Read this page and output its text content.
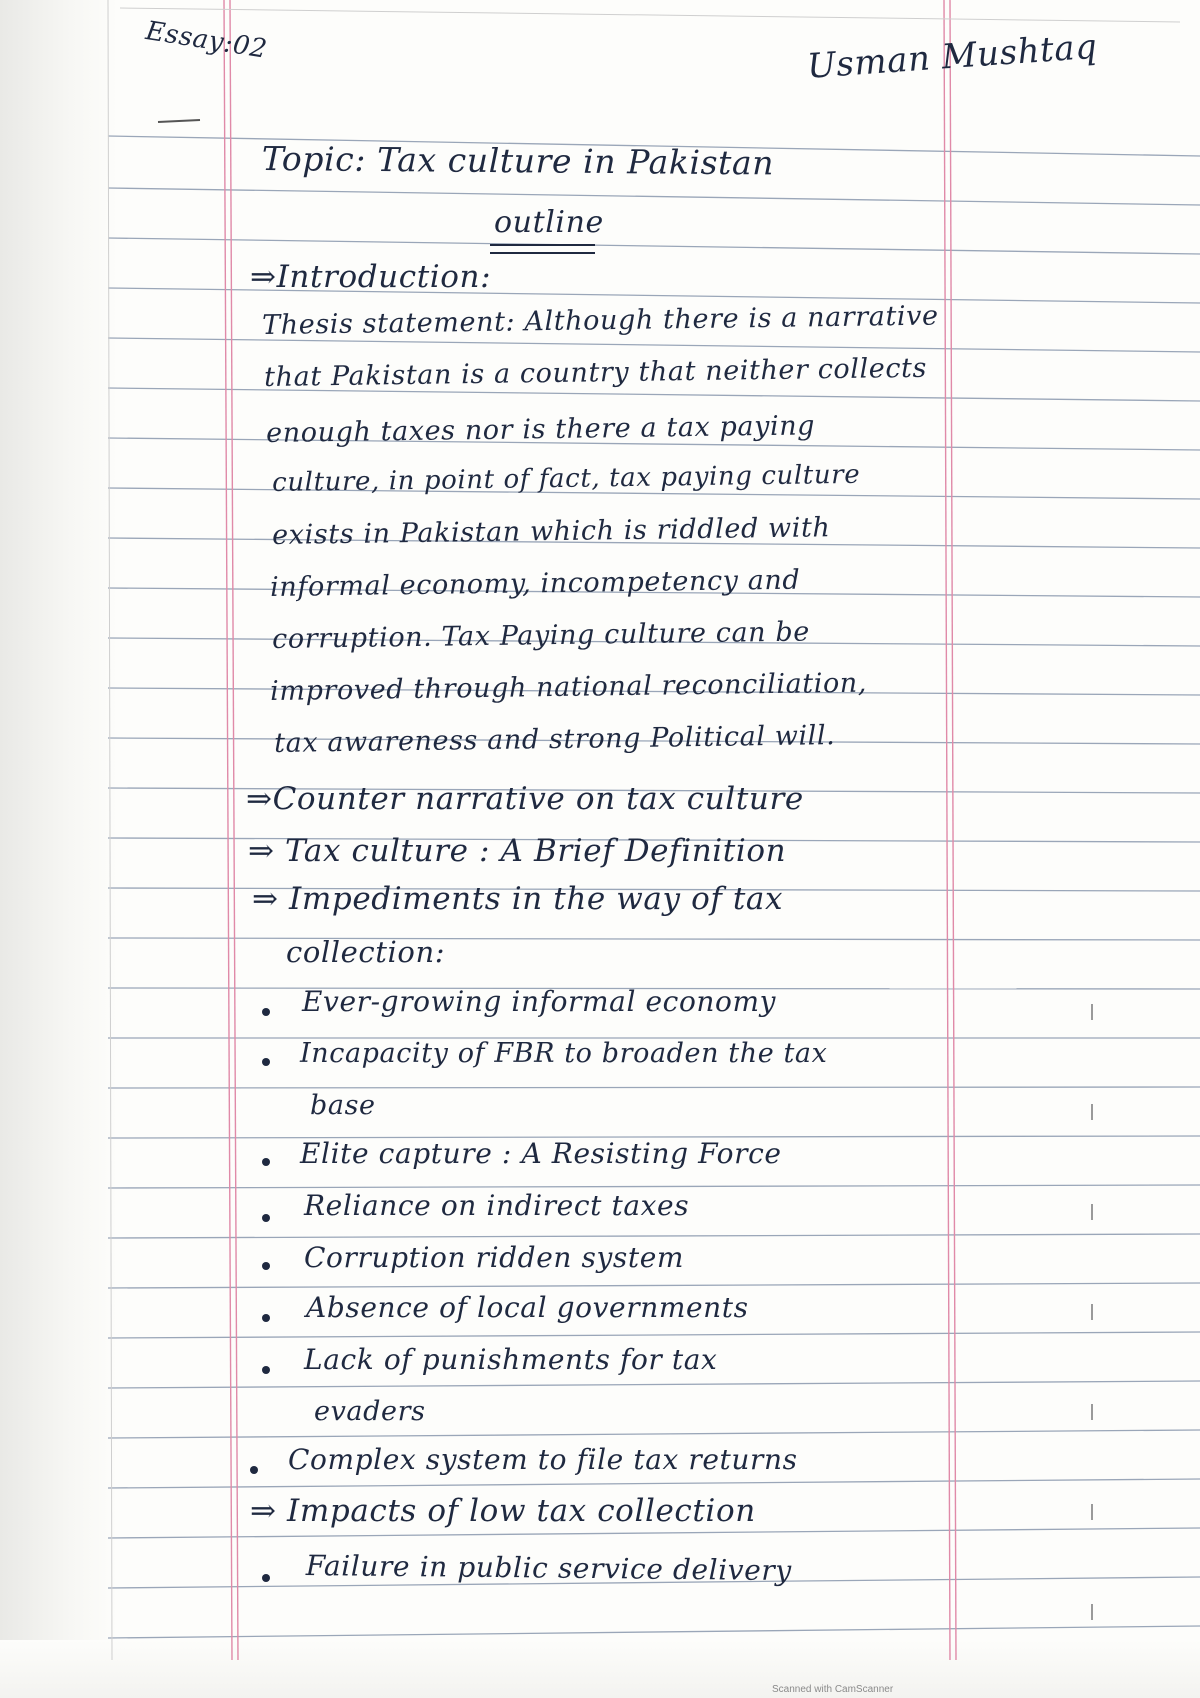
Essay:02	Usman Mushtaq

Topic: Tax culture in Pakistan

outline

⇒Introduction:

Thesis statement: Although there is a narrative

that Pakistan is a country that neither collects

enough taxes nor is there a tax paying

culture, in point of fact, tax paying culture

exists in Pakistan which is riddled with

informal economy, incompetency and

corruption. Tax Paying culture can be

improved through national reconciliation,

tax awareness and strong Political will.

⇒Counter narrative on tax culture

⇒ Tax culture : A Brief Definition

⇒ Impediments in the way of tax

collection:

Ever-growing informal economy

Incapacity of FBR to broaden the tax

base

Elite capture : A Resisting Force

Reliance on indirect taxes

Corruption ridden system

Absence of local governments

Lack of punishments for tax

evaders

Complex system to file tax returns

⇒ Impacts of low tax collection

Failure in public service delivery

Scanned with CamScanner
